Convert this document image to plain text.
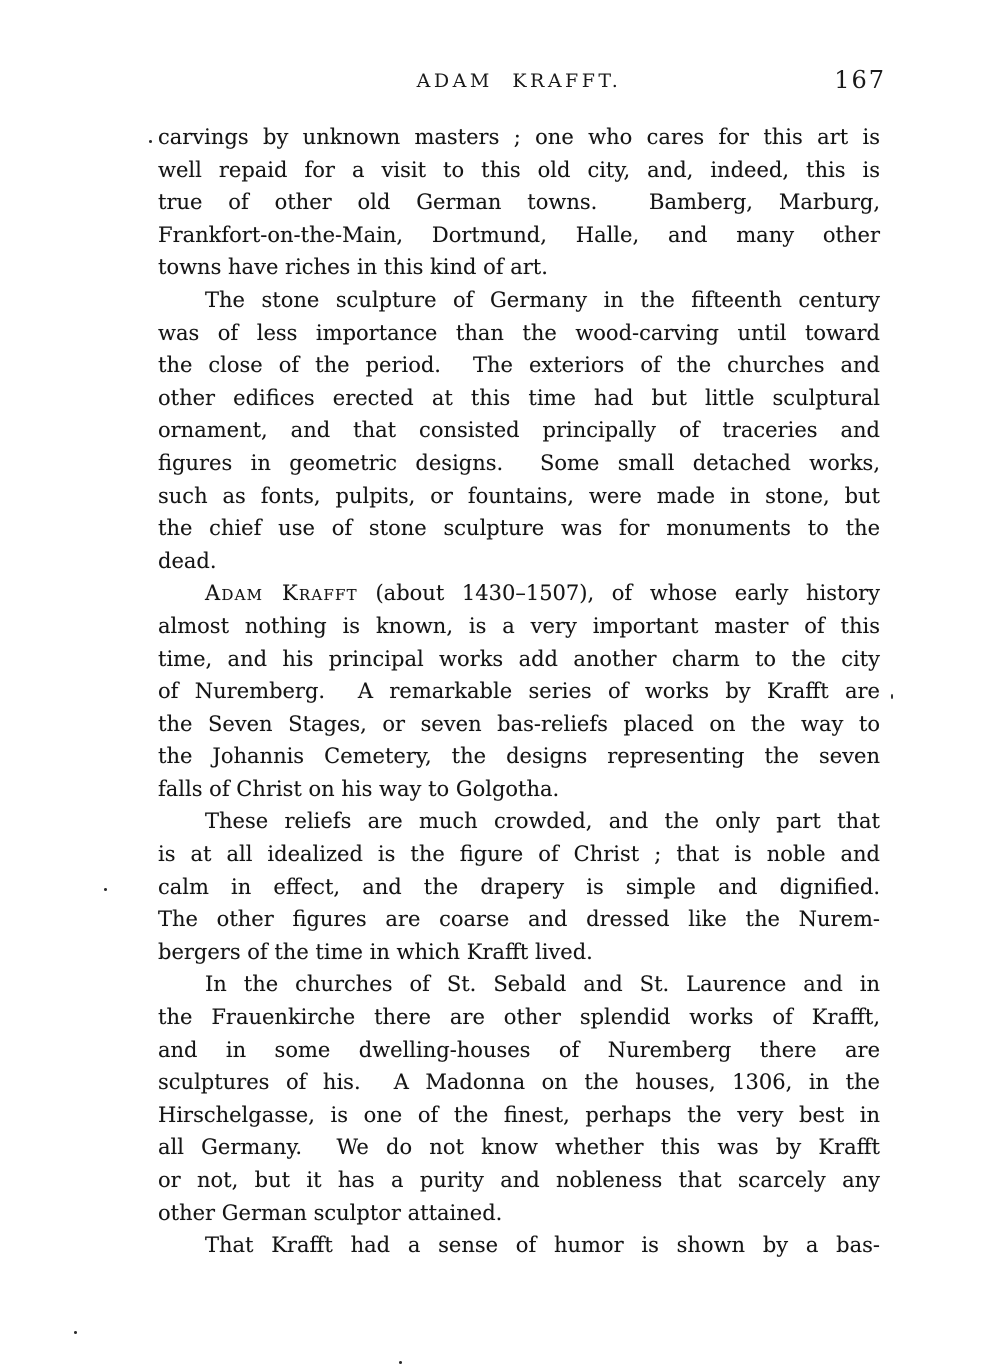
ADAM KRAFFT.	167
carvings by unknown masters ; one who cares for this art is
well repaid for a visit to this old city, and, indeed, this is
true of other old German towns.  Bamberg, Marburg,
Frankfort-on-the-Main, Dortmund, Halle, and many other
towns have riches in this kind of art.
The stone sculpture of Germany in the fifteenth century
was of less importance than the wood-carving until toward
the close of the period.  The exteriors of the churches and
other edifices erected at this time had but little sculptural
ornament, and that consisted principally of traceries and
figures in geometric designs.  Some small detached works,
such as fonts, pulpits, or fountains, were made in stone, but
the chief use of stone sculpture was for monuments to the
dead.
Adam Krafft (about 1430–1507), of whose early history
almost nothing is known, is a very important master of this
time, and his principal works add another charm to the city
of Nuremberg.  A remarkable series of works by Krafft are
the Seven Stages, or seven bas-reliefs placed on the way to
the Johannis Cemetery, the designs representing the seven
falls of Christ on his way to Golgotha.
These reliefs are much crowded, and the only part that
is at all idealized is the figure of Christ ; that is noble and
calm in effect, and the drapery is simple and dignified.
The other figures are coarse and dressed like the Nurem-
bergers of the time in which Krafft lived.
In the churches of St. Sebald and St. Laurence and in
the Frauenkirche there are other splendid works of Krafft,
and in some dwelling-houses of Nuremberg there are
sculptures of his.  A Madonna on the houses, 1306, in the
Hirschelgasse, is one of the finest, perhaps the very best in
all Germany.  We do not know whether this was by Krafft
or not, but it has a purity and nobleness that scarcely any
other German sculptor attained.
That Krafft had a sense of humor is shown by a bas-
